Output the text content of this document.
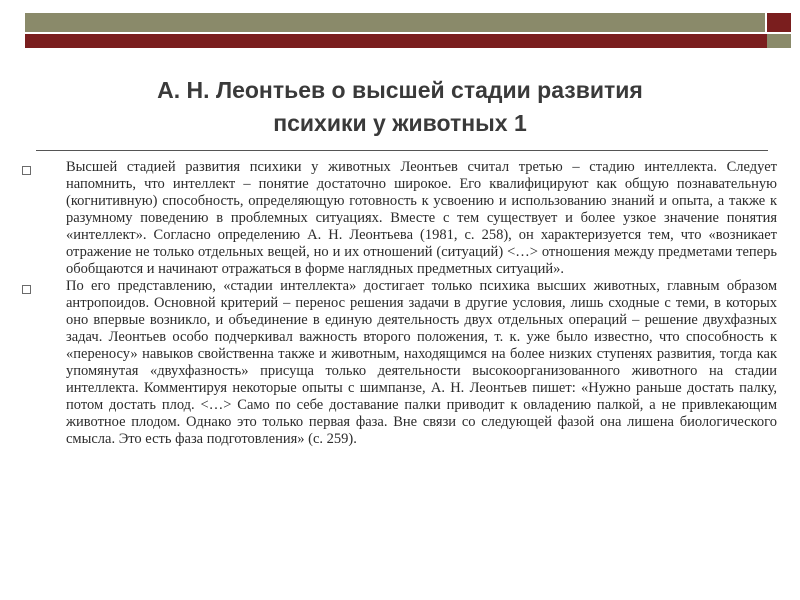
А. Н. Леонтьев о высшей стадии развития
психики у животных 1

Высшей стадией развития психики у животных Леонтьев считал третью – стадию интеллекта. Следует напомнить, что интеллект – понятие достаточно широкое. Его квалифицируют как общую познавательную (когнитивную) способность, определяющую готовность к усвоению и использованию знаний и опыта, а также к разумному поведению в проблемных ситуациях. Вместе с тем существует и более узкое значение понятия «интеллект». Согласно определению А. Н. Леонтьева (1981, с. 258), он характеризуется тем, что «возникает отражение не только отдельных вещей, но и их отношений (ситуаций) <…> отношения между предметами теперь обобщаются и начинают отражаться в форме наглядных предметных ситуаций».

По его представлению, «стадии интеллекта» достигает только психика высших животных, главным образом антропоидов. Основной критерий – перенос решения задачи в другие условия, лишь сходные с теми, в которых оно впервые возникло, и объединение в единую деятельность двух отдельных операций – решение двухфазных задач. Леонтьев особо подчеркивал важность второго положения, т. к. уже было известно, что способность к «переносу» навыков свойственна также и животным, находящимся на более низких ступенях развития, тогда как упомянутая «двухфазность» присуща только деятельности высокоорганизованного животного на стадии интеллекта. Комментируя некоторые опыты с шимпанзе, А. Н. Леонтьев пишет: «Нужно раньше достать палку, потом достать плод. <…> Само по себе доставание палки приводит к овладению палкой, а не привлекающим животное плодом. Однако это только первая фаза. Вне связи со следующей фазой она лишена биологического смысла. Это есть фаза подготовления» (с. 259).
